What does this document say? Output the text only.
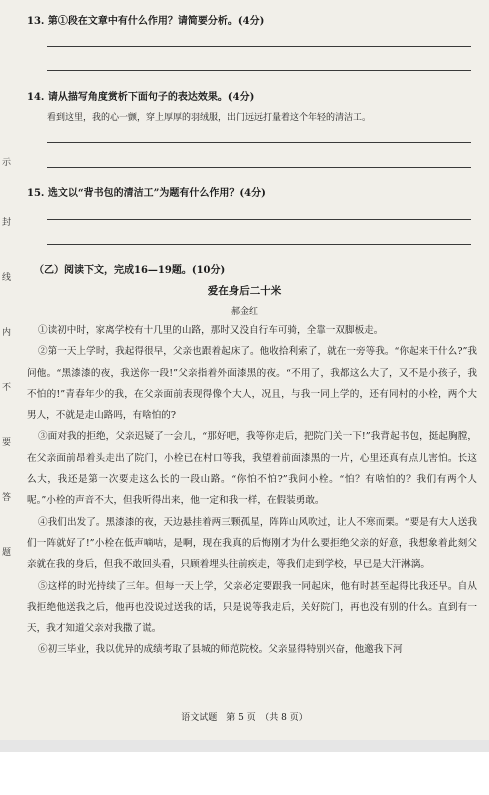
13. 第①段在文章中有什么作用？请简要分析。(4分)
14. 请从描写角度赏析下面句子的表达效果。(4分)
看到这里，我的心一颤，穿上厚厚的羽绒服，出门远远打量着这个年轻的清洁工。
15. 选文以“背书包的清洁工”为题有什么作用？(4分)
示
封
线
内
不
要
答
题
（乙）阅读下文，完成16—19题。(10分)
爱在身后二十米
郝金红

①读初中时，家离学校有十几里的山路，那时又没自行车可骑，全靠一双脚板走。

②第一天上学时，我起得很早，父亲也跟着起床了。他收拾利索了，就在一旁等我。“你起来干什么?”我问他。“黑漆漆的夜，我送你一段!”父亲指着外面漆黑的夜。“不用了，我都这么大了，又不是小孩子，我不怕的!”青春年少的我，在父亲面前表现得像个大人，况且，与我一同上学的，还有同村的小栓，两个大男人，不就是走山路吗，有啥怕的?

③面对我的拒绝，父亲迟疑了一会儿，“那好吧，我等你走后，把院门关一下!”我背起书包，挺起胸膛，在父亲面前昂着头走出了院门，小栓已在村口等我，我望着前面漆黑的一片，心里还真有点儿害怕。长这么大，我还是第一次要走这么长的一段山路。“你怕不怕?”我问小栓。“怕？有啥怕的？我们有两个人呢。”小栓的声音不大，但我听得出来，他一定和我一样，在假装勇敢。

④我们出发了。黑漆漆的夜，天边悬挂着两三颗孤星，阵阵山风吹过，让人不寒而栗。“要是有大人送我们一阵就好了!”小栓在低声嘀咕，是啊，现在我真的后悔刚才为什么要拒绝父亲的好意，我想象着此刻父亲就在我的身后，但我不敢回头看，只顾着埋头往前疾走，等我们走到学校，早已是大汗淋漓。

⑤这样的时光持续了三年。但每一天上学，父亲必定要跟我一同起床，他有时甚至起得比我还早。自从我拒绝他送我之后，他再也没说过送我的话，只是说等我走后，关好院门，再也没有别的什么。直到有一天，我才知道父亲对我撒了谎。

⑥初三毕业，我以优异的成绩考取了县城的师范院校。父亲显得特别兴奋，他邀我下河

语文试题　第 5 页　（共 8 页）
